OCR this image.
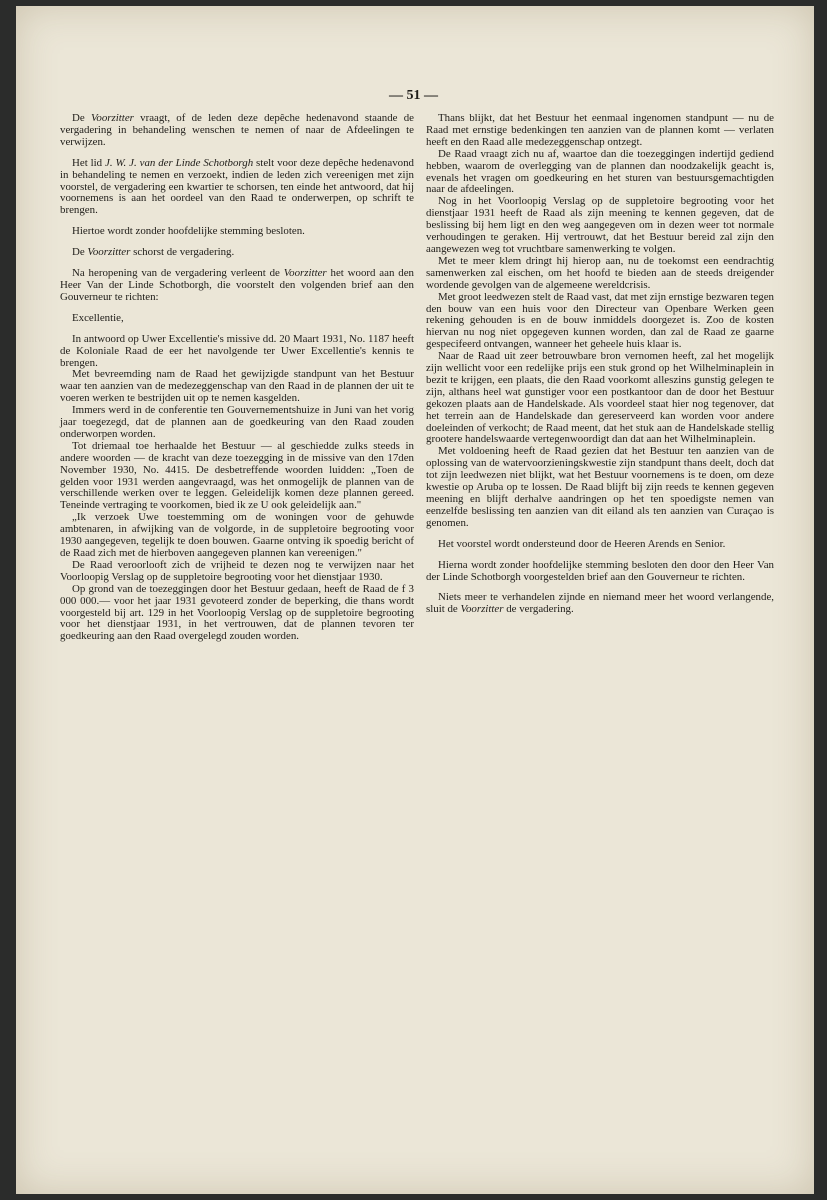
— 51 —

De Voorzitter vraagt, of de leden deze depêche hedenavond staande de vergadering in behandeling wenschen te nemen of naar de Afdeelingen te verwijzen.

Het lid J. W. J. van der Linde Schotborgh stelt voor deze depêche hedenavond in behandeling te nemen en verzoekt, indien de leden zich vereenigen met zijn voorstel, de vergadering een kwartier te schorsen, ten einde het antwoord, dat hij voornemens is aan het oordeel van den Raad te onderwerpen, op schrift te brengen.

Hiertoe wordt zonder hoofdelijke stemming besloten.

De Voorzitter schorst de vergadering.

Na heropening van de vergadering verleent de Voorzitter het woord aan den Heer Van der Linde Schotborgh, die voorstelt den volgenden brief aan den Gouverneur te richten:

Excellentie,

In antwoord op Uwer Excellentie's missive dd. 20 Maart 1931, No. 1187 heeft de Koloniale Raad de eer het navolgende ter Uwer Excellentie's kennis te brengen.

Met bevreemding nam de Raad het gewijzigde standpunt van het Bestuur waar ten aanzien van de medezeggenschap van den Raad in de plannen der uit te voeren werken te bestrijden uit op te nemen kasgelden.

Immers werd in de conferentie ten Gouvernementshuize in Juni van het vorig jaar toegezegd, dat de plannen aan de goedkeuring van den Raad zouden onderworpen worden.

Tot driemaal toe herhaalde het Bestuur — al geschiedde zulks steeds in andere woorden — de kracht van deze toezegging in de missive van den 17den November 1930, No. 4415. De desbetreffende woorden luidden: „Toen de gelden voor 1931 werden aangevraagd, was het onmogelijk de plannen van de verschillende werken over te leggen. Geleidelijk komen deze plannen gereed. Teneinde vertraging te voorkomen, bied ik ze U ook geleidelijk aan."

„Ik verzoek Uwe toestemming om de woningen voor de gehuwde ambtenaren, in afwijking van de volgorde, in de suppletoire begrooting voor 1930 aangegeven, tegelijk te doen bouwen. Gaarne ontving ik spoedig bericht of de Raad zich met de hierboven aangegeven plannen kan vereenigen."

De Raad veroorlooft zich de vrijheid te dezen nog te verwijzen naar het Voorloopig Verslag op de suppletoire begrooting voor het dienstjaar 1930.

Op grond van de toezeggingen door het Bestuur gedaan, heeft de Raad de f 3 000 000.— voor het jaar 1931 gevoteerd zonder de beperking, die thans wordt voorgesteld bij art. 129 in het Voorloopig Verslag op de suppletoire begrooting voor het dienstjaar 1931, in het vertrouwen, dat de plannen tevoren ter goedkeuring aan den Raad overgelegd zouden worden.

Thans blijkt, dat het Bestuur het eenmaal ingenomen standpunt — nu de Raad met ernstige bedenkingen ten aanzien van de plannen komt — verlaten heeft en den Raad alle medezeggenschap ontzegt.

De Raad vraagt zich nu af, waartoe dan die toezeggingen indertijd gediend hebben, waarom de overlegging van de plannen dan noodzakelijk geacht is, evenals het vragen om goedkeuring en het sturen van bestuursgemachtigden naar de afdeelingen.

Nog in het Voorloopig Verslag op de suppletoire begrooting voor het dienstjaar 1931 heeft de Raad als zijn meening te kennen gegeven, dat de beslissing bij hem ligt en den weg aangegeven om in dezen weer tot normale verhoudingen te geraken. Hij vertrouwt, dat het Bestuur bereid zal zijn den aangewezen weg tot vruchtbare samenwerking te volgen.

Met te meer klem dringt hij hierop aan, nu de toekomst een eendrachtig samenwerken zal eischen, om het hoofd te bieden aan de steeds dreigender wordende gevolgen van de algemeene wereldcrisis.

Met groot leedwezen stelt de Raad vast, dat met zijn ernstige bezwaren tegen den bouw van een huis voor den Directeur van Openbare Werken geen rekening gehouden is en de bouw inmiddels doorgezet is. Zoo de kosten hiervan nu nog niet opgegeven kunnen worden, dan zal de Raad ze gaarne gespecifeerd ontvangen, wanneer het geheele huis klaar is.

Naar de Raad uit zeer betrouwbare bron vernomen heeft, zal het mogelijk zijn wellicht voor een redelijke prijs een stuk grond op het Wilhelminaplein in bezit te krijgen, een plaats, die den Raad voorkomt alleszins gunstig gelegen te zijn, althans heel wat gunstiger voor een postkantoor dan de door het Bestuur gekozen plaats aan de Handelskade. Als voordeel staat hier nog tegenover, dat het terrein aan de Handelskade dan gereserveerd kan worden voor andere doeleinden of verkocht; de Raad meent, dat het stuk aan de Handelskade stellig grootere handelswaarde vertegenwoordigt dan dat aan het Wilhelminaplein.

Met voldoening heeft de Raad gezien dat het Bestuur ten aanzien van de oplossing van de watervoorzieningskwestie zijn standpunt thans deelt, doch dat tot zijn leedwezen niet blijkt, wat het Bestuur voornemens is te doen, om deze kwestie op Aruba op te lossen. De Raad blijft bij zijn reeds te kennen gegeven meening en blijft derhalve aandringen op het ten spoedigste nemen van eenzelfde beslissing ten aanzien van dit eiland als ten aanzien van Curaçao is genomen.

Het voorstel wordt ondersteund door de Heeren Arends en Senior.

Hierna wordt zonder hoofdelijke stemming besloten den door den Heer Van der Linde Schotborgh voorgestelden brief aan den Gouverneur te richten.

Niets meer te verhandelen zijnde en niemand meer het woord verlangende, sluit de Voorzitter de vergadering.
